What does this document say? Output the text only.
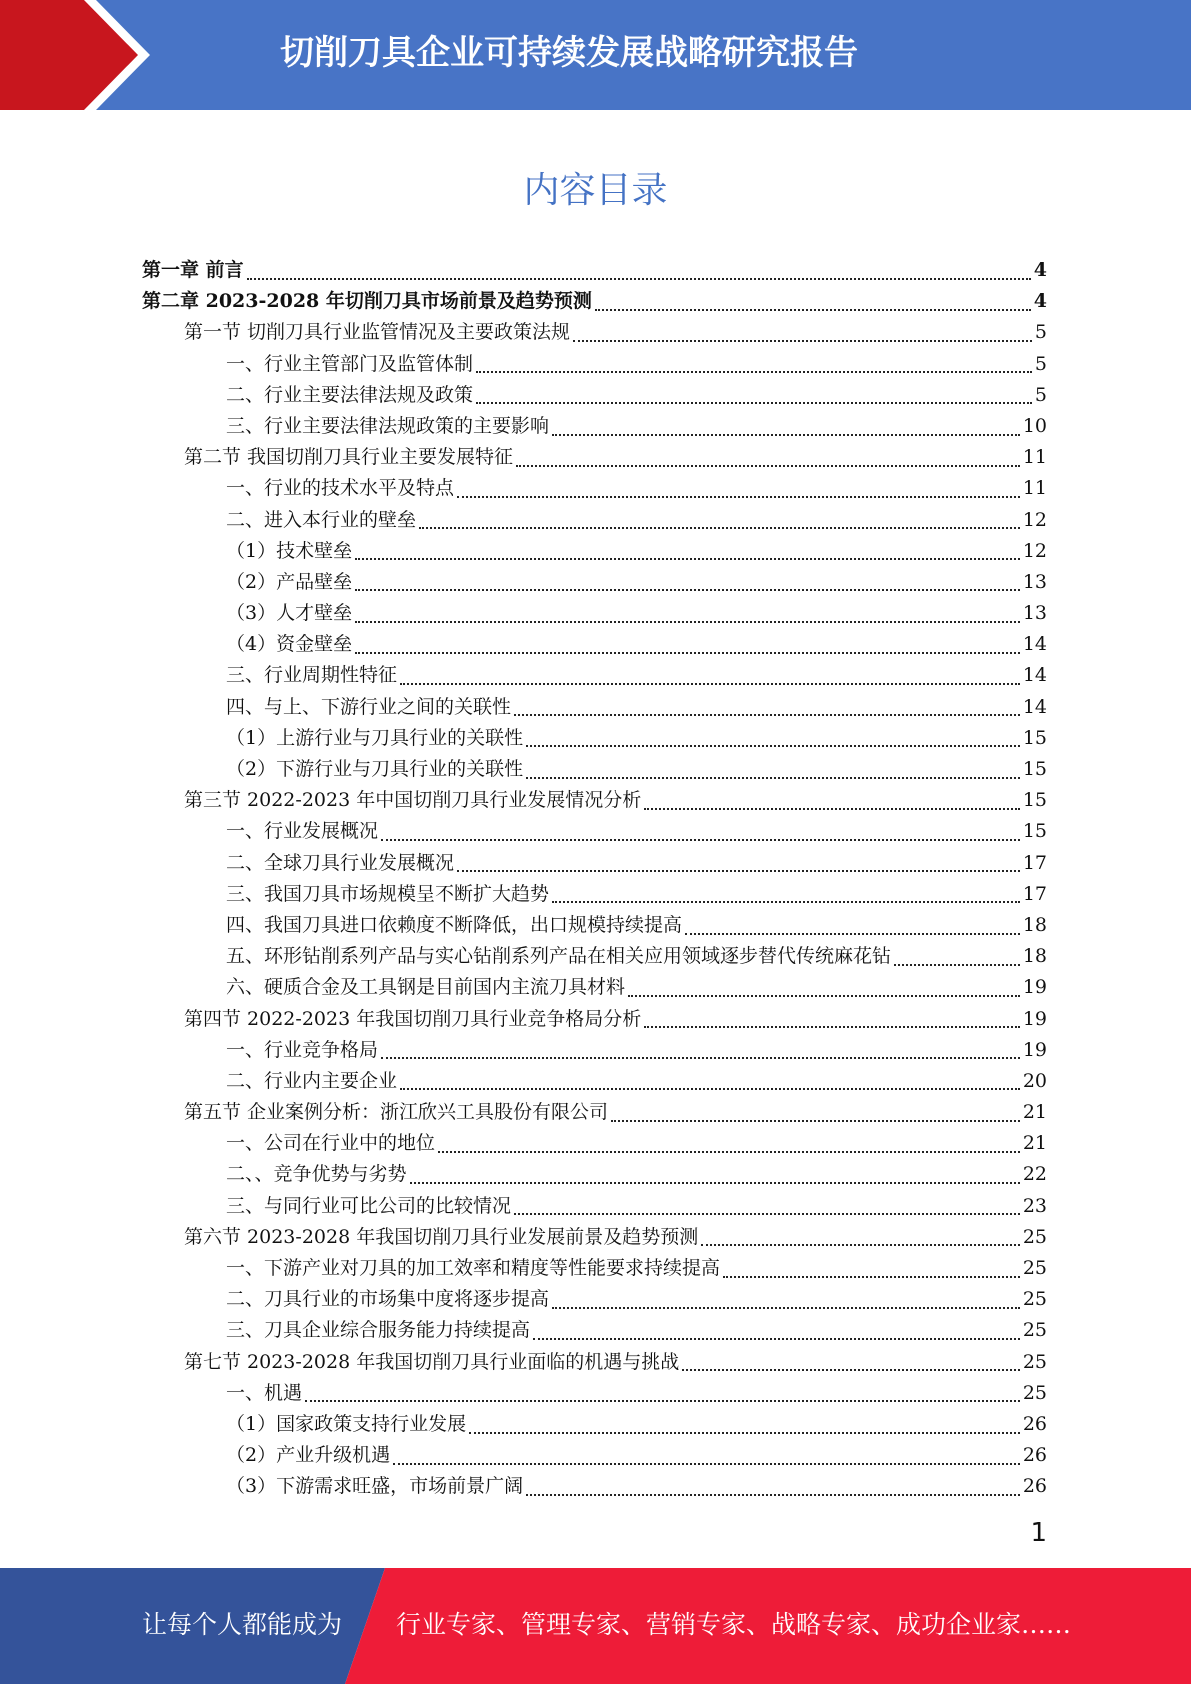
切削刀具企业可持续发展战略研究报告
内容目录
第一章 前言	4
第二章 2023-2028 年切削刀具市场前景及趋势预测	4
第一节 切削刀具行业监管情况及主要政策法规	5
一、行业主管部门及监管体制	5
二、行业主要法律法规及政策	5
三、行业主要法律法规政策的主要影响	10
第二节 我国切削刀具行业主要发展特征	11
一、行业的技术水平及特点	11
二、进入本行业的壁垒	12
（1）技术壁垒	12
（2）产品壁垒	13
（3）人才壁垒	13
（4）资金壁垒	14
三、行业周期性特征	14
四、与上、下游行业之间的关联性	14
（1）上游行业与刀具行业的关联性	15
（2）下游行业与刀具行业的关联性	15
第三节 2022-2023 年中国切削刀具行业发展情况分析	15
一、行业发展概况	15
二、全球刀具行业发展概况	17
三、我国刀具市场规模呈不断扩大趋势	17
四、我国刀具进口依赖度不断降低，出口规模持续提高	18
五、环形钻削系列产品与实心钻削系列产品在相关应用领域逐步替代传统麻花钻	18
六、硬质合金及工具钢是目前国内主流刀具材料	19
第四节 2022-2023 年我国切削刀具行业竞争格局分析	19
一、行业竞争格局	19
二、行业内主要企业	20
第五节 企业案例分析：浙江欣兴工具股份有限公司	21
一、公司在行业中的地位	21
二、、竞争优势与劣势	22
三、与同行业可比公司的比较情况	23
第六节 2023-2028 年我国切削刀具行业发展前景及趋势预测	25
一、下游产业对刀具的加工效率和精度等性能要求持续提高	25
二、刀具行业的市场集中度将逐步提高	25
三、刀具企业综合服务能力持续提高	25
第七节 2023-2028 年我国切削刀具行业面临的机遇与挑战	25
一、机遇	25
（1）国家政策支持行业发展	26
（2）产业升级机遇	26
（3）下游需求旺盛，市场前景广阔	26
1
让每个人都能成为 行业专家、管理专家、营销专家、战略专家、成功企业家……
